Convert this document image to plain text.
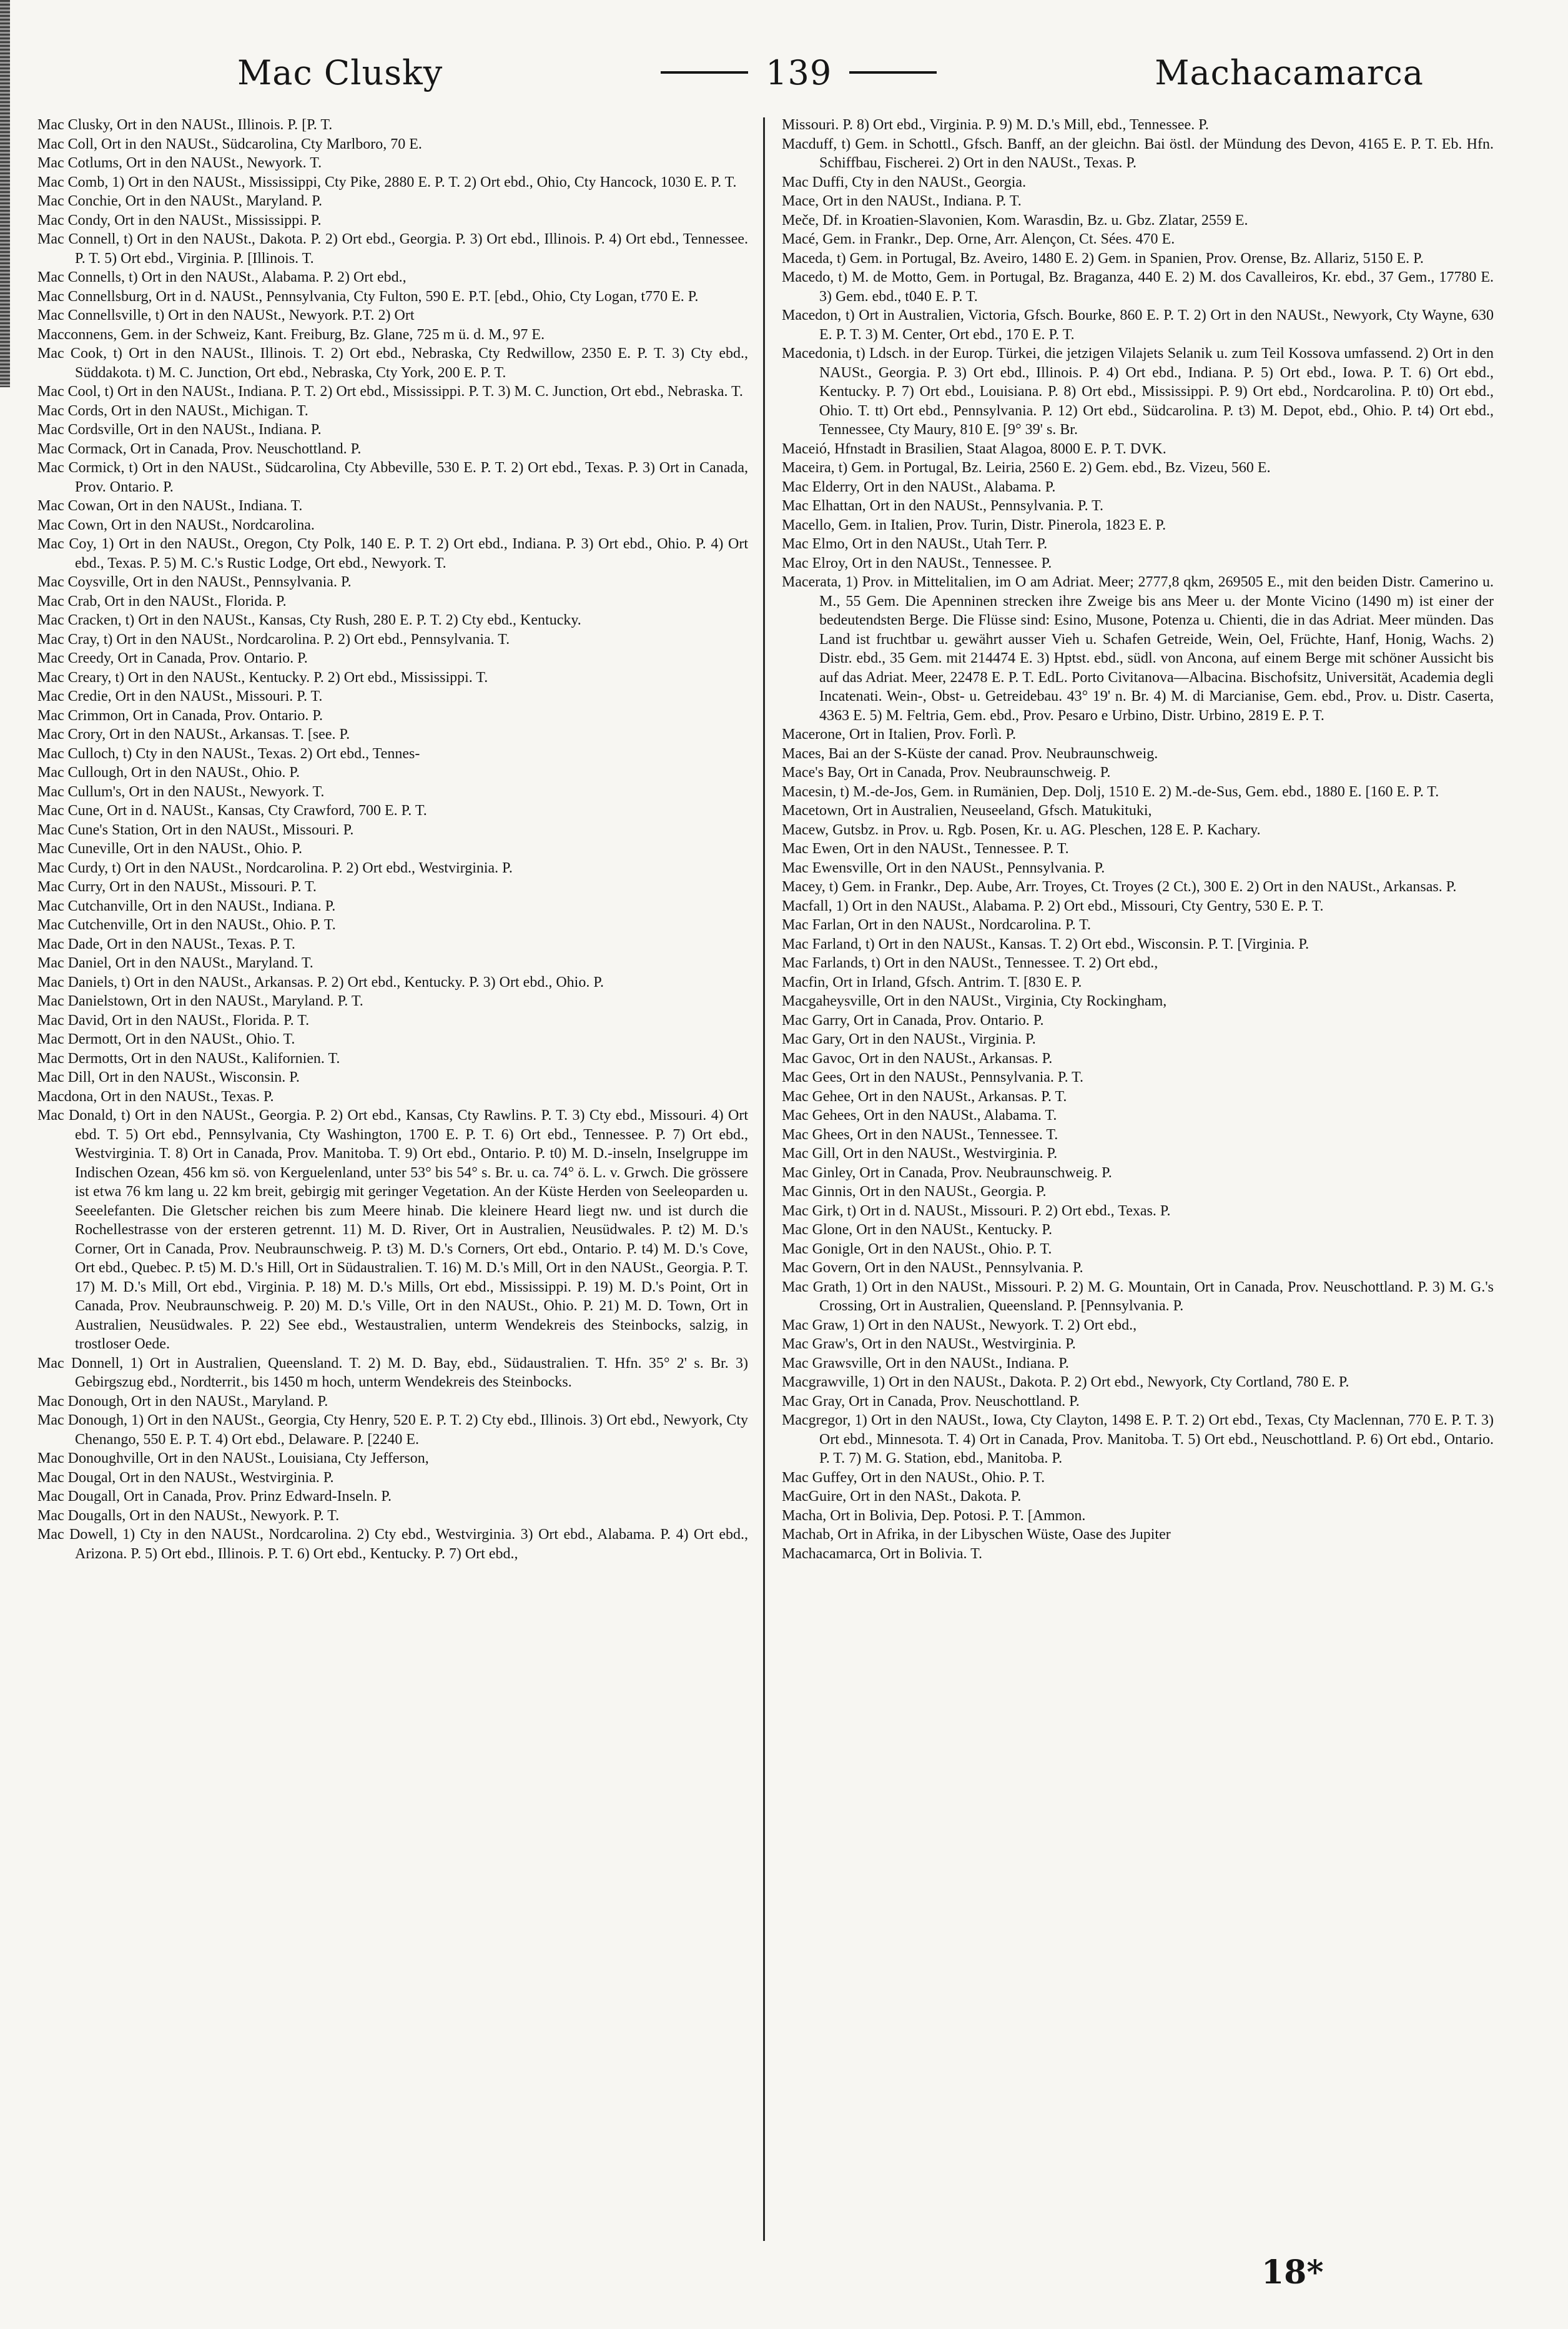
Mac Clusky	139	Machacamarca

Mac Clusky, Ort in den NAUSt., Illinois. P. [P. T.

Mac Coll, Ort in den NAUSt., Südcarolina, Cty Marlboro, 70 E.

Mac Cotlums, Ort in den NAUSt., Newyork. T.

Mac Comb, 1) Ort in den NAUSt., Mississippi, Cty Pike, 2880 E. P. T. 2) Ort ebd., Ohio, Cty Hancock, 1030 E. P. T.

Mac Conchie, Ort in den NAUSt., Maryland. P.

Mac Condy, Ort in den NAUSt., Mississippi. P.

Mac Connell, t) Ort in den NAUSt., Dakota. P. 2) Ort ebd., Georgia. P. 3) Ort ebd., Illinois. P. 4) Ort ebd., Tennessee. P. T. 5) Ort ebd., Virginia. P. [Illinois. T.

Mac Connells, t) Ort in den NAUSt., Alabama. P. 2) Ort ebd.,

Mac Connellsburg, Ort in d. NAUSt., Pennsylvania, Cty Fulton, 590 E. P.T. [ebd., Ohio, Cty Logan, t770 E. P.

Mac Connellsville, t) Ort in den NAUSt., Newyork. P.T. 2) Ort

Macconnens, Gem. in der Schweiz, Kant. Freiburg, Bz. Glane, 725 m ü. d. M., 97 E.

Mac Cook, t) Ort in den NAUSt., Illinois. T. 2) Ort ebd., Nebraska, Cty Redwillow, 2350 E. P. T. 3) Cty ebd., Süddakota. t) M. C. Junction, Ort ebd., Nebraska, Cty York, 200 E. P. T.

Mac Cool, t) Ort in den NAUSt., Indiana. P. T. 2) Ort ebd., Mississippi. P. T. 3) M. C. Junction, Ort ebd., Nebraska. T.

Mac Cords, Ort in den NAUSt., Michigan. T.

Mac Cordsville, Ort in den NAUSt., Indiana. P.

Mac Cormack, Ort in Canada, Prov. Neuschottland. P.

Mac Cormick, t) Ort in den NAUSt., Südcarolina, Cty Abbeville, 530 E. P. T. 2) Ort ebd., Texas. P. 3) Ort in Canada, Prov. Ontario. P.

Mac Cowan, Ort in den NAUSt., Indiana. T.

Mac Cown, Ort in den NAUSt., Nordcarolina.

Mac Coy, 1) Ort in den NAUSt., Oregon, Cty Polk, 140 E. P. T. 2) Ort ebd., Indiana. P. 3) Ort ebd., Ohio. P. 4) Ort ebd., Texas. P. 5) M. C.'s Rustic Lodge, Ort ebd., Newyork. T.

Mac Coysville, Ort in den NAUSt., Pennsylvania. P.

Mac Crab, Ort in den NAUSt., Florida. P.

Mac Cracken, t) Ort in den NAUSt., Kansas, Cty Rush, 280 E. P. T. 2) Cty ebd., Kentucky.

Mac Cray, t) Ort in den NAUSt., Nordcarolina. P. 2) Ort ebd., Pennsylvania. T.

Mac Creedy, Ort in Canada, Prov. Ontario. P.

Mac Creary, t) Ort in den NAUSt., Kentucky. P. 2) Ort ebd., Mississippi. T.

Mac Credie, Ort in den NAUSt., Missouri. P. T.

Mac Crimmon, Ort in Canada, Prov. Ontario. P.

Mac Crory, Ort in den NAUSt., Arkansas. T. [see. P.

Mac Culloch, t) Cty in den NAUSt., Texas. 2) Ort ebd., Tennes-

Mac Cullough, Ort in den NAUSt., Ohio. P.

Mac Cullum's, Ort in den NAUSt., Newyork. T.

Mac Cune, Ort in d. NAUSt., Kansas, Cty Crawford, 700 E. P. T.

Mac Cune's Station, Ort in den NAUSt., Missouri. P.

Mac Cuneville, Ort in den NAUSt., Ohio. P.

Mac Curdy, t) Ort in den NAUSt., Nordcarolina. P. 2) Ort ebd., Westvirginia. P.

Mac Curry, Ort in den NAUSt., Missouri. P. T.

Mac Cutchanville, Ort in den NAUSt., Indiana. P.

Mac Cutchenville, Ort in den NAUSt., Ohio. P. T.

Mac Dade, Ort in den NAUSt., Texas. P. T.

Mac Daniel, Ort in den NAUSt., Maryland. T.

Mac Daniels, t) Ort in den NAUSt., Arkansas. P. 2) Ort ebd., Kentucky. P. 3) Ort ebd., Ohio. P.

Mac Danielstown, Ort in den NAUSt., Maryland. P. T.

Mac David, Ort in den NAUSt., Florida. P. T.

Mac Dermott, Ort in den NAUSt., Ohio. T.

Mac Dermotts, Ort in den NAUSt., Kalifornien. T.

Mac Dill, Ort in den NAUSt., Wisconsin. P.

Macdona, Ort in den NAUSt., Texas. P.

Mac Donald, t) Ort in den NAUSt., Georgia. P. 2) Ort ebd., Kansas, Cty Rawlins. P. T. 3) Cty ebd., Missouri. 4) Ort ebd. T. 5) Ort ebd., Pennsylvania, Cty Washington, 1700 E. P. T. 6) Ort ebd., Tennessee. P. 7) Ort ebd., Westvirginia. T. 8) Ort in Canada, Prov. Manitoba. T. 9) Ort ebd., Ontario. P. t0) M. D.-inseln, Inselgruppe im Indischen Ozean, 456 km sö. von Kerguelenland, unter 53° bis 54° s. Br. u. ca. 74° ö. L. v. Grwch. Die grössere ist etwa 76 km lang u. 22 km breit, gebirgig mit geringer Vegetation. An der Küste Herden von Seeleoparden u. Seeelefanten. Die Gletscher reichen bis zum Meere hinab. Die kleinere Heard liegt nw. und ist durch die Rochellestrasse von der ersteren getrennt. 11) M. D. River, Ort in Australien, Neusüdwales. P. t2) M. D.'s Corner, Ort in Canada, Prov. Neubraunschweig. P. t3) M. D.'s Corners, Ort ebd., Ontario. P. t4) M. D.'s Cove, Ort ebd., Quebec. P. t5) M. D.'s Hill, Ort in Südaustralien. T. 16) M. D.'s Mill, Ort in den NAUSt., Georgia. P. T. 17) M. D.'s Mill, Ort ebd., Virginia. P. 18) M. D.'s Mills, Ort ebd., Mississippi. P. 19) M. D.'s Point, Ort in Canada, Prov. Neubraunschweig. P. 20) M. D.'s Ville, Ort in den NAUSt., Ohio. P. 21) M. D. Town, Ort in Australien, Neusüdwales. P. 22) See ebd., Westaustralien, unterm Wendekreis des Steinbocks, salzig, in trostloser Oede.

Mac Donnell, 1) Ort in Australien, Queensland. T. 2) M. D. Bay, ebd., Südaustralien. T. Hfn. 35° 2' s. Br. 3) Gebirgszug ebd., Nordterrit., bis 1450 m hoch, unterm Wendekreis des Steinbocks.

Mac Donough, Ort in den NAUSt., Maryland. P.

Mac Donough, 1) Ort in den NAUSt., Georgia, Cty Henry, 520 E. P. T. 2) Cty ebd., Illinois. 3) Ort ebd., Newyork, Cty Chenango, 550 E. P. T. 4) Ort ebd., Delaware. P. [2240 E.

Mac Donoughville, Ort in den NAUSt., Louisiana, Cty Jefferson,

Mac Dougal, Ort in den NAUSt., Westvirginia. P.

Mac Dougall, Ort in Canada, Prov. Prinz Edward-Inseln. P.

Mac Dougalls, Ort in den NAUSt., Newyork. P. T.

Mac Dowell, 1) Cty in den NAUSt., Nordcarolina. 2) Cty ebd., Westvirginia. 3) Ort ebd., Alabama. P. 4) Ort ebd., Arizona. P. 5) Ort ebd., Illinois. P. T. 6) Ort ebd., Kentucky. P. 7) Ort ebd.,

Missouri. P. 8) Ort ebd., Virginia. P. 9) M. D.'s Mill, ebd., Tennessee. P.

Macduff, t) Gem. in Schottl., Gfsch. Banff, an der gleichn. Bai östl. der Mündung des Devon, 4165 E. P. T. Eb. Hfn. Schiffbau, Fischerei. 2) Ort in den NAUSt., Texas. P.

Mac Duffi, Cty in den NAUSt., Georgia.

Mace, Ort in den NAUSt., Indiana. P. T.

Meče, Df. in Kroatien-Slavonien, Kom. Warasdin, Bz. u. Gbz. Zlatar, 2559 E.

Macé, Gem. in Frankr., Dep. Orne, Arr. Alençon, Ct. Sées. 470 E.

Maceda, t) Gem. in Portugal, Bz. Aveiro, 1480 E. 2) Gem. in Spanien, Prov. Orense, Bz. Allariz, 5150 E. P.

Macedo, t) M. de Motto, Gem. in Portugal, Bz. Braganza, 440 E. 2) M. dos Cavalleiros, Kr. ebd., 37 Gem., 17780 E. 3) Gem. ebd., t040 E. P. T.

Macedon, t) Ort in Australien, Victoria, Gfsch. Bourke, 860 E. P. T. 2) Ort in den NAUSt., Newyork, Cty Wayne, 630 E. P. T. 3) M. Center, Ort ebd., 170 E. P. T.

Macedonia, t) Ldsch. in der Europ. Türkei, die jetzigen Vilajets Selanik u. zum Teil Kossova umfassend. 2) Ort in den NAUSt., Georgia. P. 3) Ort ebd., Illinois. P. 4) Ort ebd., Indiana. P. 5) Ort ebd., Iowa. P. T. 6) Ort ebd., Kentucky. P. 7) Ort ebd., Louisiana. P. 8) Ort ebd., Mississippi. P. 9) Ort ebd., Nordcarolina. P. t0) Ort ebd., Ohio. T. tt) Ort ebd., Pennsylvania. P. 12) Ort ebd., Südcarolina. P. t3) M. Depot, ebd., Ohio. P. t4) Ort ebd., Tennessee, Cty Maury, 810 E. [9° 39' s. Br.

Maceió, Hfnstadt in Brasilien, Staat Alagoa, 8000 E. P. T. DVK.

Maceira, t) Gem. in Portugal, Bz. Leiria, 2560 E. 2) Gem. ebd., Bz. Vizeu, 560 E.

Mac Elderry, Ort in den NAUSt., Alabama. P.

Mac Elhattan, Ort in den NAUSt., Pennsylvania. P. T.

Macello, Gem. in Italien, Prov. Turin, Distr. Pinerola, 1823 E. P.

Mac Elmo, Ort in den NAUSt., Utah Terr. P.

Mac Elroy, Ort in den NAUSt., Tennessee. P.

Macerata, 1) Prov. in Mittelitalien, im O am Adriat. Meer; 2777,8 qkm, 269505 E., mit den beiden Distr. Camerino u. M., 55 Gem. Die Apenninen strecken ihre Zweige bis ans Meer u. der Monte Vicino (1490 m) ist einer der bedeutendsten Berge. Die Flüsse sind: Esino, Musone, Potenza u. Chienti, die in das Adriat. Meer münden. Das Land ist fruchtbar u. gewährt ausser Vieh u. Schafen Getreide, Wein, Oel, Früchte, Hanf, Honig, Wachs. 2) Distr. ebd., 35 Gem. mit 214474 E. 3) Hptst. ebd., südl. von Ancona, auf einem Berge mit schöner Aussicht bis auf das Adriat. Meer, 22478 E. P. T. EdL. Porto Civitanova—Albacina. Bischofsitz, Universität, Academia degli Incatenati. Wein-, Obst- u. Getreidebau. 43° 19' n. Br. 4) M. di Marcianise, Gem. ebd., Prov. u. Distr. Caserta, 4363 E. 5) M. Feltria, Gem. ebd., Prov. Pesaro e Urbino, Distr. Urbino, 2819 E. P. T.

Macerone, Ort in Italien, Prov. Forlì. P.

Maces, Bai an der S-Küste der canad. Prov. Neubraunschweig.

Mace's Bay, Ort in Canada, Prov. Neubraunschweig. P.

Macesin, t) M.-de-Jos, Gem. in Rumänien, Dep. Dolj, 1510 E. 2) M.-de-Sus, Gem. ebd., 1880 E. [160 E. P. T.

Macetown, Ort in Australien, Neuseeland, Gfsch. Matukituki,

Macew, Gutsbz. in Prov. u. Rgb. Posen, Kr. u. AG. Pleschen, 128 E. P. Kachary.

Mac Ewen, Ort in den NAUSt., Tennessee. P. T.

Mac Ewensville, Ort in den NAUSt., Pennsylvania. P.

Macey, t) Gem. in Frankr., Dep. Aube, Arr. Troyes, Ct. Troyes (2 Ct.), 300 E. 2) Ort in den NAUSt., Arkansas. P.

Macfall, 1) Ort in den NAUSt., Alabama. P. 2) Ort ebd., Missouri, Cty Gentry, 530 E. P. T.

Mac Farlan, Ort in den NAUSt., Nordcarolina. P. T.

Mac Farland, t) Ort in den NAUSt., Kansas. T. 2) Ort ebd., Wisconsin. P. T. [Virginia. P.

Mac Farlands, t) Ort in den NAUSt., Tennessee. T. 2) Ort ebd.,

Macfin, Ort in Irland, Gfsch. Antrim. T. [830 E. P.

Macgaheysville, Ort in den NAUSt., Virginia, Cty Rockingham,

Mac Garry, Ort in Canada, Prov. Ontario. P.

Mac Gary, Ort in den NAUSt., Virginia. P.

Mac Gavoc, Ort in den NAUSt., Arkansas. P.

Mac Gees, Ort in den NAUSt., Pennsylvania. P. T.

Mac Gehee, Ort in den NAUSt., Arkansas. P. T.

Mac Gehees, Ort in den NAUSt., Alabama. T.

Mac Ghees, Ort in den NAUSt., Tennessee. T.

Mac Gill, Ort in den NAUSt., Westvirginia. P.

Mac Ginley, Ort in Canada, Prov. Neubraunschweig. P.

Mac Ginnis, Ort in den NAUSt., Georgia. P.

Mac Girk, t) Ort in d. NAUSt., Missouri. P. 2) Ort ebd., Texas. P.

Mac Glone, Ort in den NAUSt., Kentucky. P.

Mac Gonigle, Ort in den NAUSt., Ohio. P. T.

Mac Govern, Ort in den NAUSt., Pennsylvania. P.

Mac Grath, 1) Ort in den NAUSt., Missouri. P. 2) M. G. Mountain, Ort in Canada, Prov. Neuschottland. P. 3) M. G.'s Crossing, Ort in Australien, Queensland. P. [Pennsylvania. P.

Mac Graw, 1) Ort in den NAUSt., Newyork. T. 2) Ort ebd.,

Mac Graw's, Ort in den NAUSt., Westvirginia. P.

Mac Grawsville, Ort in den NAUSt., Indiana. P.

Macgrawville, 1) Ort in den NAUSt., Dakota. P. 2) Ort ebd., Newyork, Cty Cortland, 780 E. P.

Mac Gray, Ort in Canada, Prov. Neuschottland. P.

Macgregor, 1) Ort in den NAUSt., Iowa, Cty Clayton, 1498 E. P. T. 2) Ort ebd., Texas, Cty Maclennan, 770 E. P. T. 3) Ort ebd., Minnesota. T. 4) Ort in Canada, Prov. Manitoba. T. 5) Ort ebd., Neuschottland. P. 6) Ort ebd., Ontario. P. T. 7) M. G. Station, ebd., Manitoba. P.

Mac Guffey, Ort in den NAUSt., Ohio. P. T.

MacGuire, Ort in den NASt., Dakota. P.

Macha, Ort in Bolivia, Dep. Potosi. P. T. [Ammon.

Machab, Ort in Afrika, in der Libyschen Wüste, Oase des Jupiter

Machacamarca, Ort in Bolivia. T.

18*
